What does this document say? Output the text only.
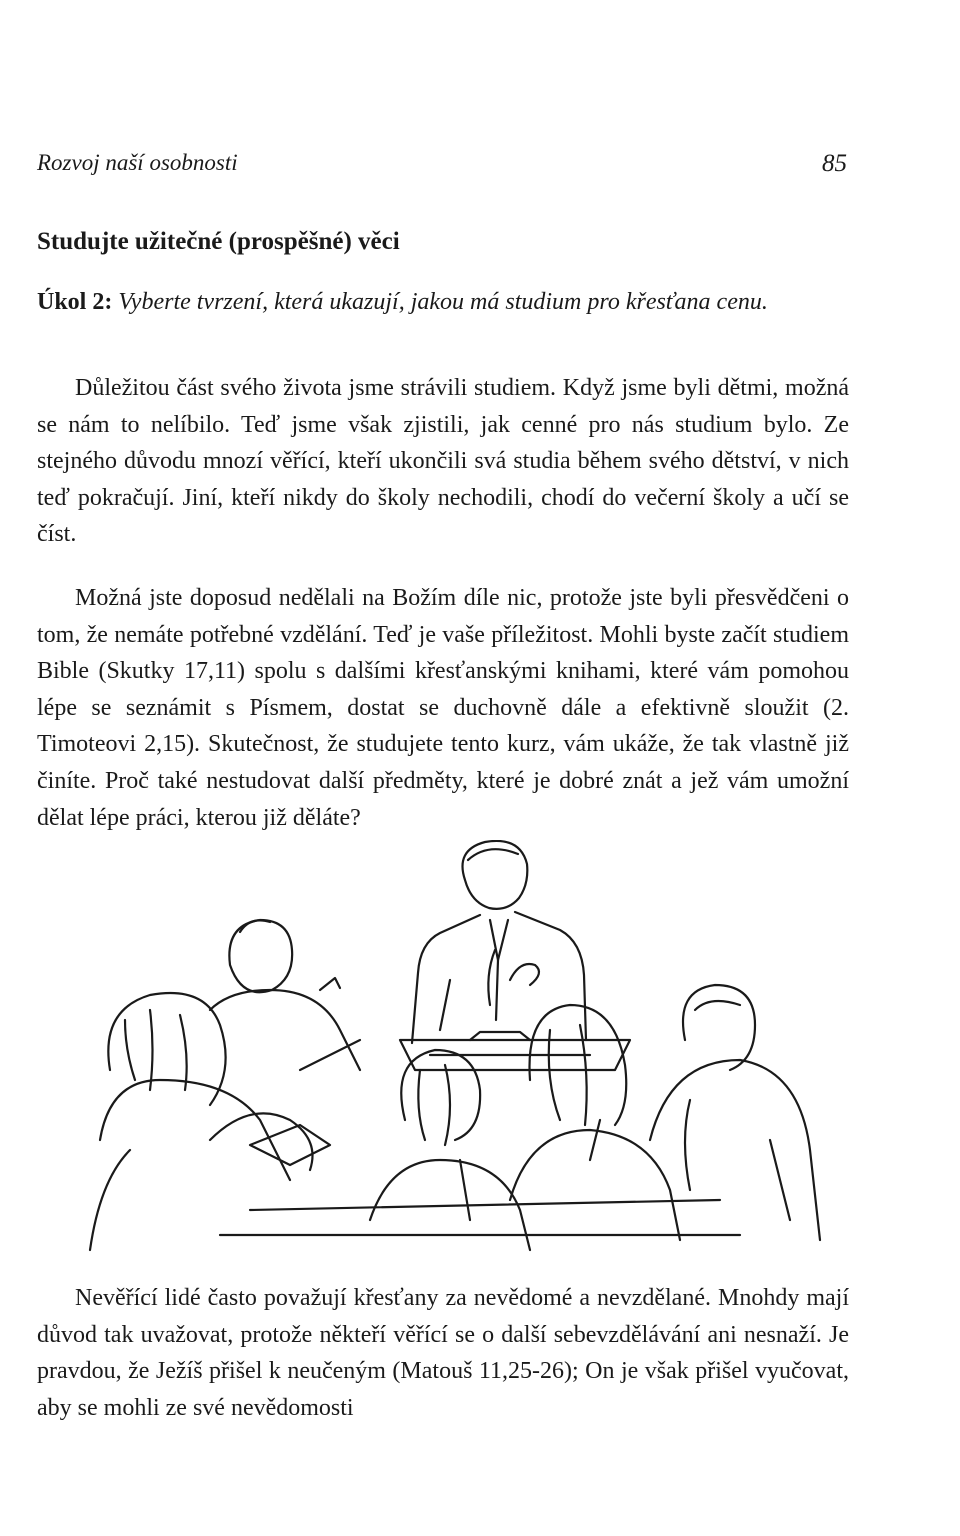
Rozvoj naší osobnosti	85
Studujte užitečné (prospěšné) věci
Úkol 2: Vyberte tvrzení, která ukazují, jakou má studium pro křesťana cenu.
Důležitou část svého života jsme strávili studiem. Když jsme byli dětmi, možná se nám to nelíbilo. Teď jsme však zjistili, jak cenné pro nás studium bylo. Ze stejného důvodu mnozí věřící, kteří ukončili svá studia během svého dětství, v nich teď pokračují. Jiní, kteří nikdy do školy nechodili, chodí do večerní školy a učí se číst.
Možná jste doposud nedělali na Božím díle nic, protože jste byli přesvědčeni o tom, že nemáte potřebné vzdělání. Teď je vaše příležitost. Mohli byste začít studiem Bible (Skutky 17,11) spolu s dalšími křesťanskými knihami, které vám pomohou lépe se seznámit s Písmem, dostat se duchovně dále a efektivně sloužit (2. Timoteovi 2,15). Skutečnost, že studujete tento kurz, vám ukáže, že tak vlastně již činíte. Proč také nestudovat další předměty, které je dobré znát a jež vám umožní dělat lépe práci, kterou již děláte?
Nevěřící lidé často považují křesťany za nevědomé a nevzdělané. Mnohdy mají důvod tak uvažovat, protože někteří věřící se o další sebevzdělávání ani nesnaží. Je pravdou, že Ježíš přišel k neučeným (Matouš 11,25-26); On je však přišel vyučovat, aby se mohli ze své nevědomosti
